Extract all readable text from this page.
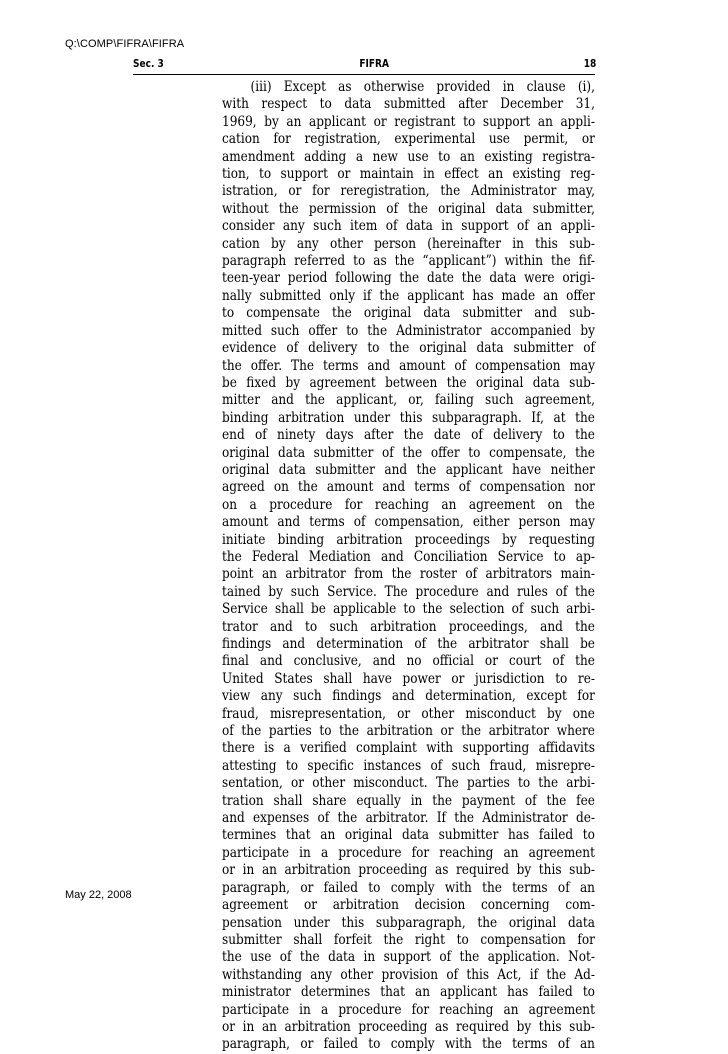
Q:\COMP\FIFRA\FIFRA
Sec. 3	FIFRA	18
(iii) Except as otherwise provided in clause (i),
with respect to data submitted after December 31,
1969, by an applicant or registrant to support an appli-
cation for registration, experimental use permit, or
amendment adding a new use to an existing registra-
tion, to support or maintain in effect an existing reg-
istration, or for reregistration, the Administrator may,
without the permission of the original data submitter,
consider any such item of data in support of an appli-
cation by any other person (hereinafter in this sub-
paragraph referred to as the “applicant”) within the fif-
teen-year period following the date the data were origi-
nally submitted only if the applicant has made an offer
to compensate the original data submitter and sub-
mitted such offer to the Administrator accompanied by
evidence of delivery to the original data submitter of
the offer. The terms and amount of compensation may
be fixed by agreement between the original data sub-
mitter and the applicant, or, failing such agreement,
binding arbitration under this subparagraph. If, at the
end of ninety days after the date of delivery to the
original data submitter of the offer to compensate, the
original data submitter and the applicant have neither
agreed on the amount and terms of compensation nor
on a procedure for reaching an agreement on the
amount and terms of compensation, either person may
initiate binding arbitration proceedings by requesting
the Federal Mediation and Conciliation Service to ap-
point an arbitrator from the roster of arbitrators main-
tained by such Service. The procedure and rules of the
Service shall be applicable to the selection of such arbi-
trator and to such arbitration proceedings, and the
findings and determination of the arbitrator shall be
final and conclusive, and no official or court of the
United States shall have power or jurisdiction to re-
view any such findings and determination, except for
fraud, misrepresentation, or other misconduct by one
of the parties to the arbitration or the arbitrator where
there is a verified complaint with supporting affidavits
attesting to specific instances of such fraud, misrepre-
sentation, or other misconduct. The parties to the arbi-
tration shall share equally in the payment of the fee
and expenses of the arbitrator. If the Administrator de-
termines that an original data submitter has failed to
participate in a procedure for reaching an agreement
or in an arbitration proceeding as required by this sub-
paragraph, or failed to comply with the terms of an
agreement or arbitration decision concerning com-
pensation under this subparagraph, the original data
submitter shall forfeit the right to compensation for
the use of the data in support of the application. Not-
withstanding any other provision of this Act, if the Ad-
ministrator determines that an applicant has failed to
participate in a procedure for reaching an agreement
or in an arbitration proceeding as required by this sub-
paragraph, or failed to comply with the terms of an
May 22, 2008
